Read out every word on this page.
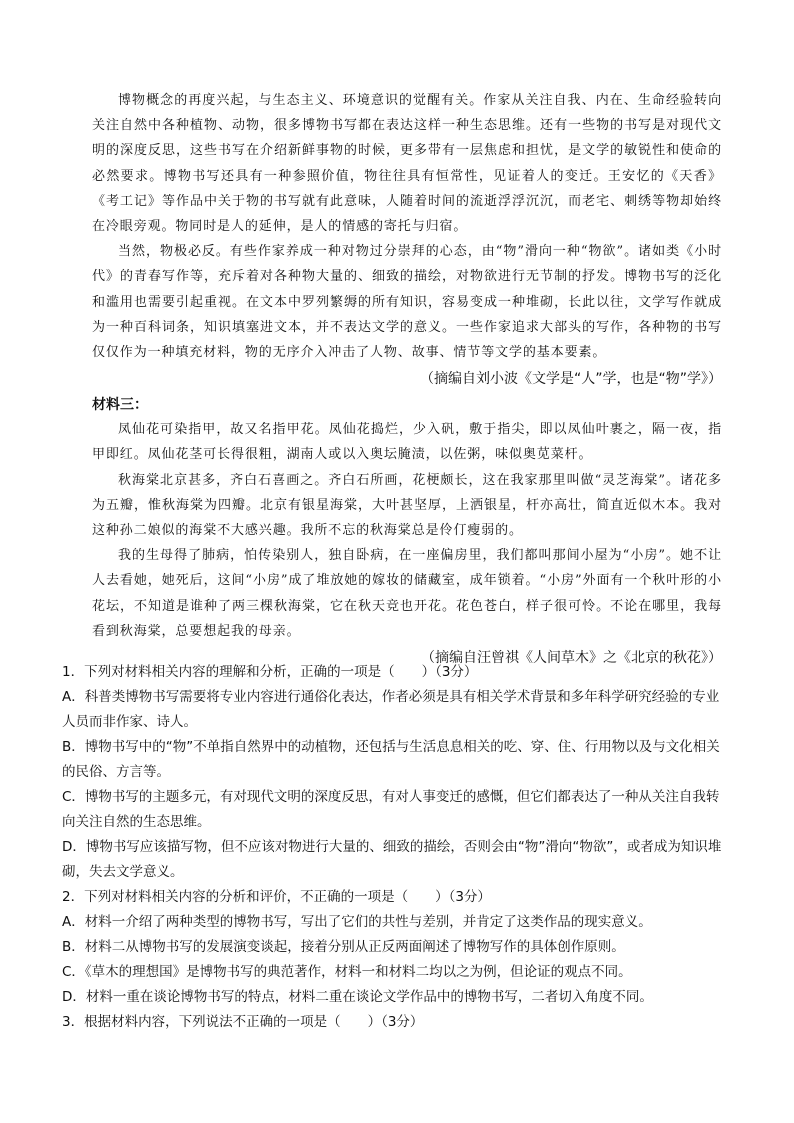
博物概念的再度兴起，与生态主义、环境意识的觉醒有关。作家从关注自我、内在、生命经验转向关注自然中各种植物、动物，很多博物书写都在表达这样一种生态思维。还有一些物的书写是对现代文明的深度反思，这些书写在介绍新鲜事物的时候，更多带有一层焦虑和担忧，是文学的敏锐性和使命的必然要求。博物书写还具有一种参照价值，物往往具有恒常性，见证着人的变迁。王安忆的《天香》《考工记》等作品中关于物的书写就有此意味，人随着时间的流逝浮浮沉沉，而老宅、刺绣等物却始终在冷眼旁观。物同时是人的延伸，是人的情感的寄托与归宿。

当然，物极必反。有些作家养成一种对物过分崇拜的心态，由“物”滑向一种“物欲”。诸如类《小时代》的青春写作等，充斥着对各种物大量的、细致的描绘，对物欲进行无节制的抒发。博物书写的泛化和滥用也需要引起重视。在文本中罗列繁缛的所有知识，容易变成一种堆砌，长此以往，文学写作就成为一种百科词条，知识填塞进文本，并不表达文学的意义。一些作家追求大部头的写作，各种物的书写仅仅作为一种填充材料，物的无序介入冲击了人物、故事、情节等文学的基本要素。

（摘编自刘小波《文学是“人”学，也是“物”学》）
材料三：

凤仙花可染指甲，故又名指甲花。凤仙花捣烂，少入矾，敷于指尖，即以凤仙叶裹之，隔一夜，指甲即红。凤仙花茎可长得很粗，湖南人或以入奥坛腌渍，以佐粥，味似奥苋菜杆。

秋海棠北京甚多，齐白石喜画之。齐白石所画，花梗颇长，这在我家那里叫做“灵芝海棠”。诸花多为五瓣，惟秋海棠为四瓣。北京有银星海棠，大叶甚坚厚，上洒银星，杆亦高壮，简直近似木本。我对这种孙二娘似的海棠不大感兴趣。我所不忘的秋海棠总是伶仃瘦弱的。

我的生母得了肺病，怕传染别人，独自卧病，在一座偏房里，我们都叫那间小屋为“小房”。她不让人去看她，她死后，这间“小房”成了堆放她的嫁妆的储藏室，成年锁着。“小房”外面有一个秋叶形的小花坛，不知道是谁种了两三棵秋海棠，它在秋天竞也开花。花色苍白，样子很可怜。不论在哪里，我每看到秋海棠，总要想起我的母亲。

（摘编自汪曾祺《人间草木》之《北京的秋花》）

1．下列对材料相关内容的理解和分析，正确的一项是（　　）（3分）

A．科普类博物书写需要将专业内容进行通俗化表达，作者必须是具有相关学术背景和多年科学研究经验的专业人员而非作家、诗人。

B．博物书写中的“物”不单指自然界中的动植物，还包括与生活息息相关的吃、穿、住、行用物以及与文化相关的民俗、方言等。

C．博物书写的主题多元，有对现代文明的深度反思，有对人事变迁的感慨，但它们都表达了一种从关注自我转向关注自然的生态思维。

D．博物书写应该描写物，但不应该对物进行大量的、细致的描绘，否则会由“物”滑向“物欲”，或者成为知识堆砌，失去文学意义。

2．下列对材料相关内容的分析和评价，不正确的一项是（　　）（3分）

A．材料一介绍了两种类型的博物书写，写出了它们的共性与差别，并肯定了这类作品的现实意义。

B．材料二从博物书写的发展演变谈起，接着分别从正反两面阐述了博物写作的具体创作原则。

C．《草木的理想国》是博物书写的典范著作，材料一和材料二均以之为例，但论证的观点不同。

D．材料一重在谈论博物书写的特点，材料二重在谈论文学作品中的博物书写，二者切入角度不同。

3．根据材料内容，下列说法不正确的一项是（　　）（3分）
